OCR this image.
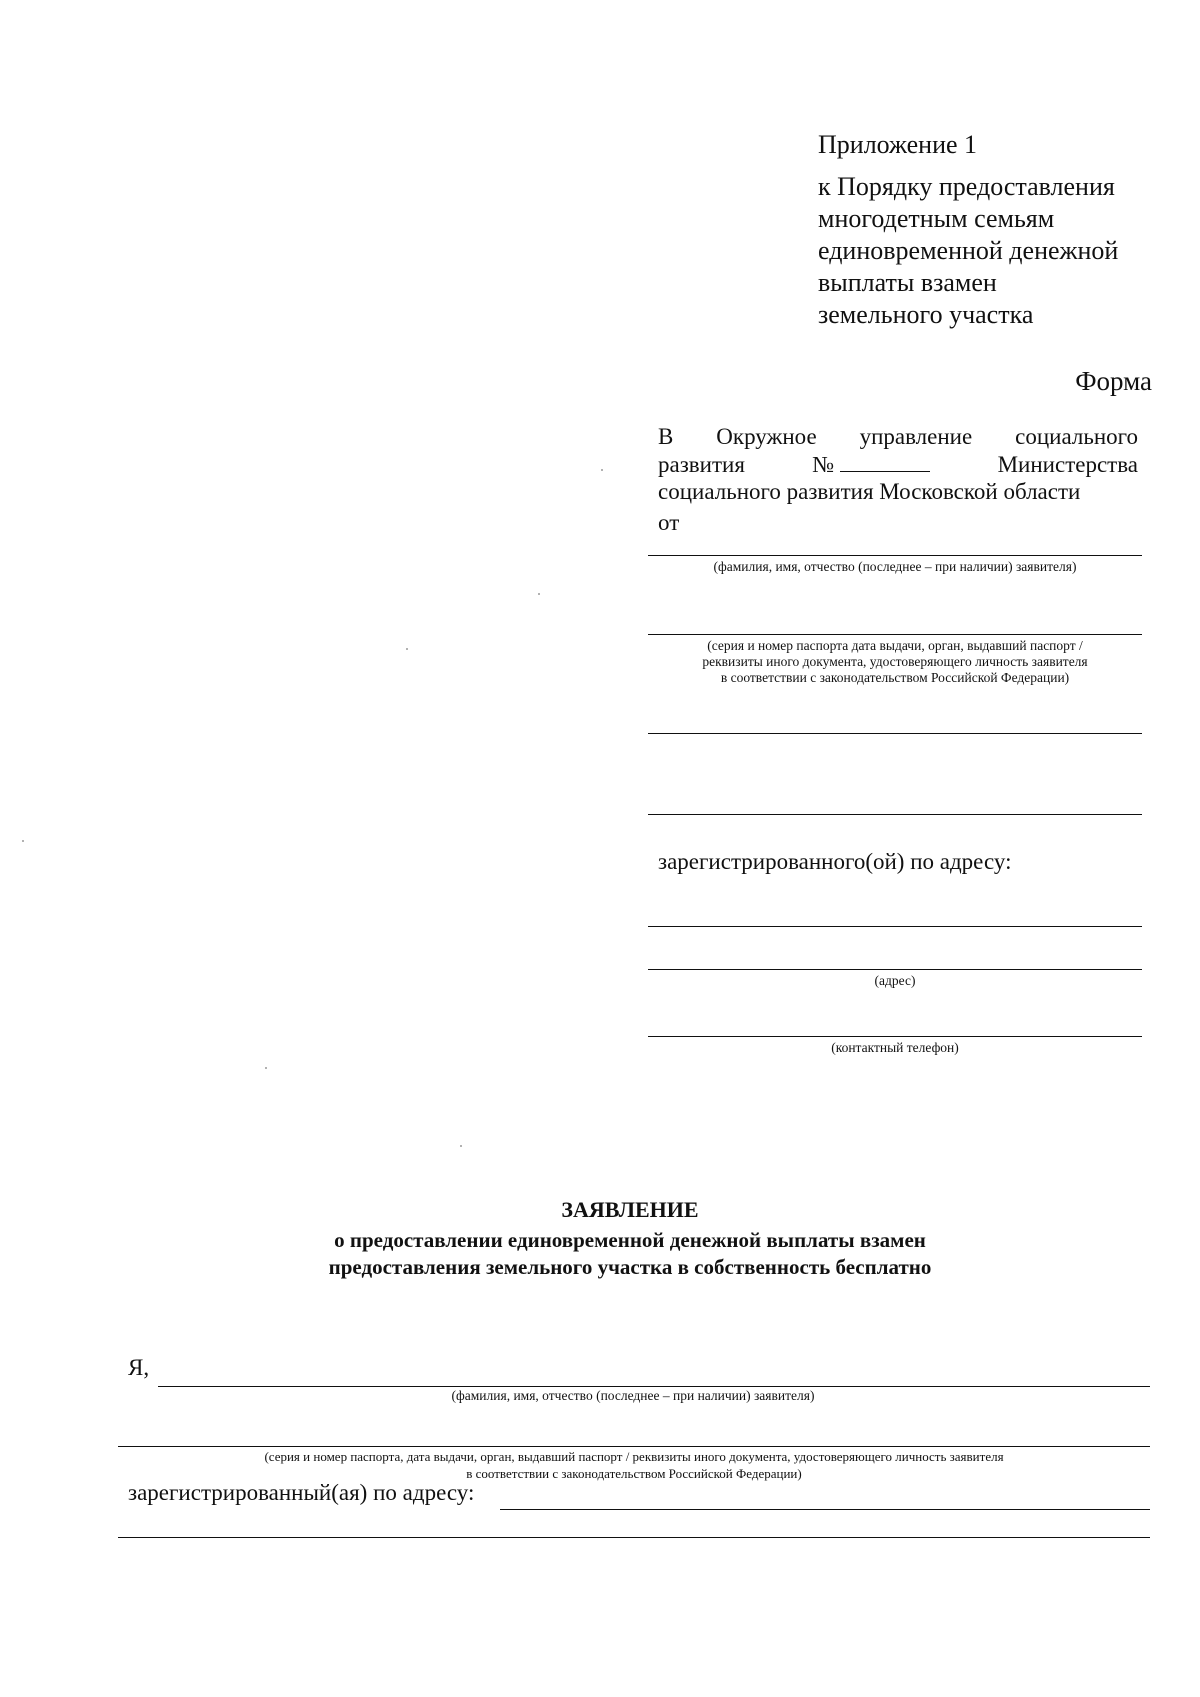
Приложение 1
к Порядку предоставления
многодетным семьям
единовременной денежной
выплаты взамен
земельного участка
Форма
В Окружное управление социального
развития	№	Министерства
социального развития Московской области
от
(фамилия, имя, отчество (последнее – при наличии) заявителя)
(серия и номер паспорта дата выдачи, орган, выдавший паспорт /
реквизиты иного документа, удостоверяющего личность заявителя
в соответствии с законодательством Российской Федерации)
зарегистрированного(ой) по адресу:
(адрес)
(контактный телефон)
ЗАЯВЛЕНИЕ
о предоставлении единовременной денежной выплаты взамен
предоставления земельного участка в собственность бесплатно
Я,
(фамилия, имя, отчество (последнее – при наличии) заявителя)
(серия и номер паспорта, дата выдачи, орган, выдавший паспорт / реквизиты иного документа, удостоверяющего личность заявителя
в соответствии с законодательством Российской Федерации)
зарегистрированный(ая) по адресу:
